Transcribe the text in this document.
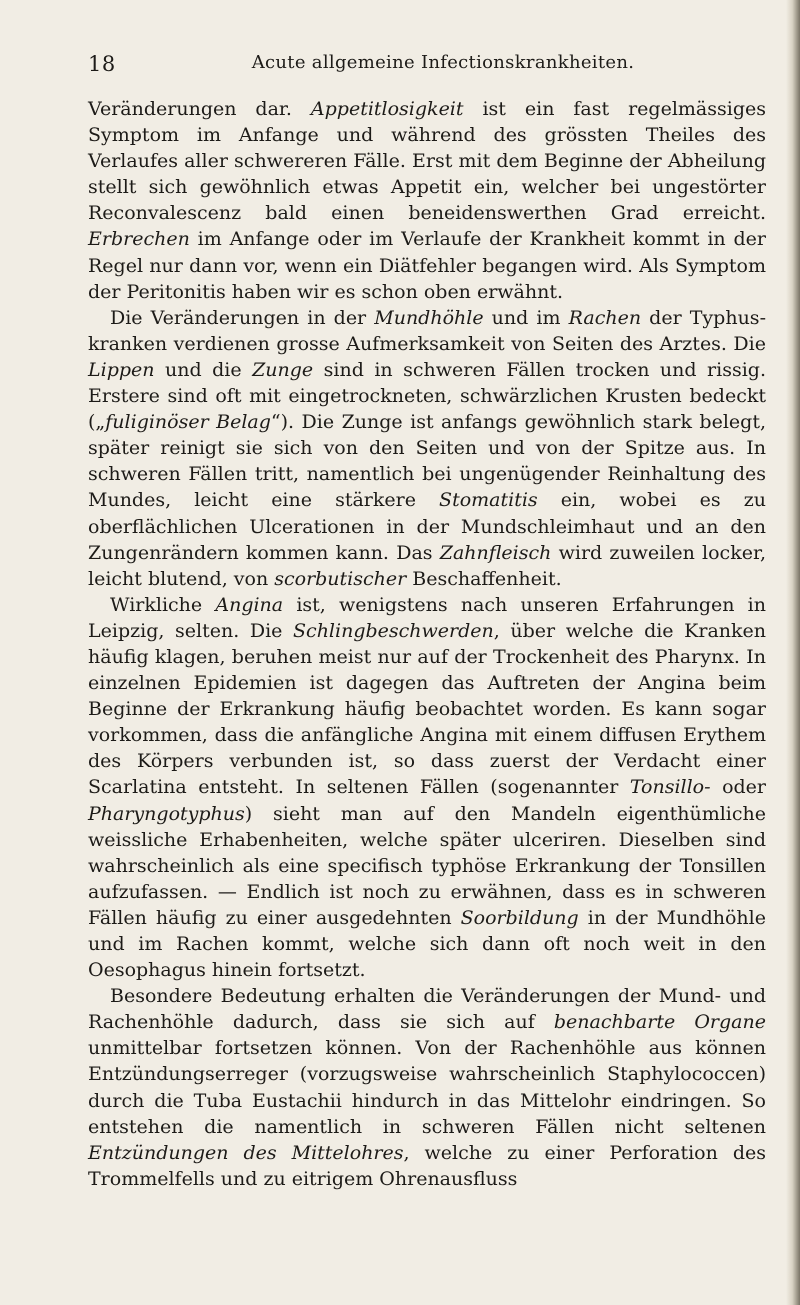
18	Acute allgemeine Infectionskrankheiten.

Veränderungen dar. Appetitlosigkeit ist ein fast regelmässiges Symptom im Anfange und während des grössten Theiles des Verlaufes aller schwereren Fälle. Erst mit dem Beginne der Abheilung stellt sich gewöhnlich etwas Appetit ein, welcher bei ungestörter Reconvalescenz bald einen beneidenswerthen Grad erreicht. Erbrechen im Anfange oder im Verlaufe der Krankheit kommt in der Regel nur dann vor, wenn ein Diätfehler begangen wird. Als Symptom der Peritonitis haben wir es schon oben erwähnt.

Die Veränderungen in der Mundhöhle und im Rachen der Typhuskranken verdienen grosse Aufmerksamkeit von Seiten des Arztes. Die Lippen und die Zunge sind in schweren Fällen trocken und rissig. Erstere sind oft mit eingetrockneten, schwärzlichen Krusten bedeckt („fuliginöser Belag“). Die Zunge ist anfangs gewöhnlich stark belegt, später reinigt sie sich von den Seiten und von der Spitze aus. In schweren Fällen tritt, namentlich bei ungenügender Reinhaltung des Mundes, leicht eine stärkere Stomatitis ein, wobei es zu oberflächlichen Ulcerationen in der Mundschleimhaut und an den Zungenrändern kommen kann. Das Zahnfleisch wird zuweilen locker, leicht blutend, von scorbutischer Beschaffenheit.

Wirkliche Angina ist, wenigstens nach unseren Erfahrungen in Leipzig, selten. Die Schlingbeschwerden, über welche die Kranken häufig klagen, beruhen meist nur auf der Trockenheit des Pharynx. In einzelnen Epidemien ist dagegen das Auftreten der Angina beim Beginne der Erkrankung häufig beobachtet worden. Es kann sogar vorkommen, dass die anfängliche Angina mit einem diffusen Erythem des Körpers verbunden ist, so dass zuerst der Verdacht einer Scarlatina entsteht. In seltenen Fällen (sogenannter Tonsillo- oder Pharyngotyphus) sieht man auf den Mandeln eigenthümliche weissliche Erhabenheiten, welche später ulceriren. Dieselben sind wahrscheinlich als eine specifisch typhöse Erkrankung der Tonsillen aufzufassen. — Endlich ist noch zu erwähnen, dass es in schweren Fällen häufig zu einer ausgedehnten Soorbildung in der Mundhöhle und im Rachen kommt, welche sich dann oft noch weit in den Oesophagus hinein fortsetzt.

Besondere Bedeutung erhalten die Veränderungen der Mund- und Rachenhöhle dadurch, dass sie sich auf benachbarte Organe unmittelbar fortsetzen können. Von der Rachenhöhle aus können Entzündungserreger (vorzugsweise wahrscheinlich Staphylococcen) durch die Tuba Eustachii hindurch in das Mittelohr eindringen. So entstehen die namentlich in schweren Fällen nicht seltenen Entzündungen des Mittelohres, welche zu einer Perforation des Trommelfells und zu eitrigem Ohrenausfluss
